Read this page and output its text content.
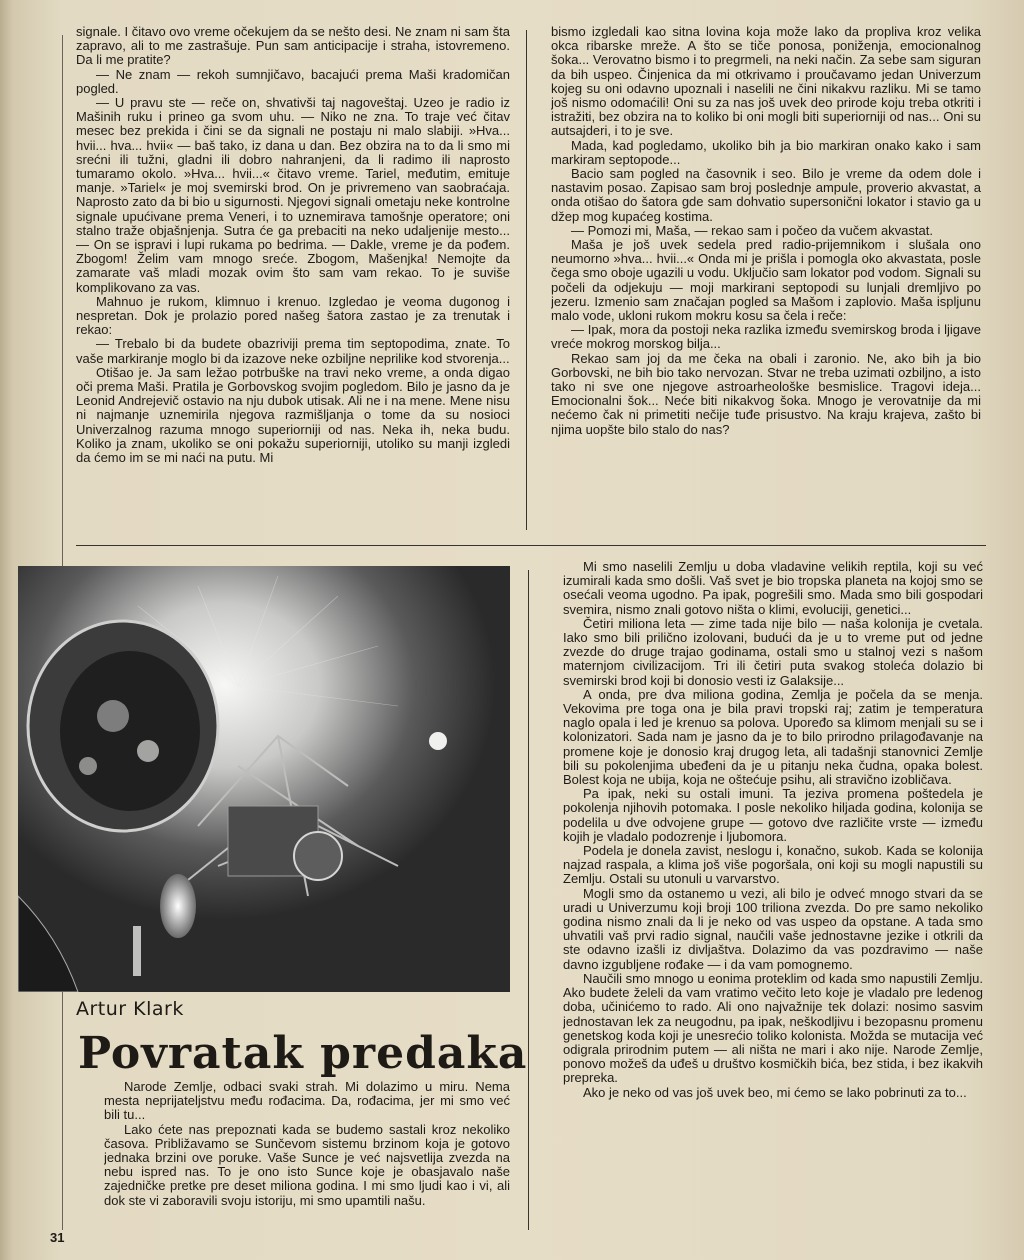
signale. I čitavo ovo vreme očekujem da se nešto desi. Ne znam ni sam šta zapravo, ali to me zastrašuje. Pun sam anticipacije i straha, istovremeno. Da li me pratite?

— Ne znam — rekoh sumnjičavo, bacajući prema Maši kradomičan pogled.

— U pravu ste — reče on, shvativši taj nagoveštaj. Uzeo je radio iz Mašinih ruku i prineo ga svom uhu. — Niko ne zna. To traje već čitav mesec bez prekida i čini se da signali ne postaju ni malo slabiji. »Hva... hvii... hva... hvii« — baš tako, iz dana u dan. Bez obzira na to da li smo mi srećni ili tužni, gladni ili dobro nahranjeni, da li radimo ili naprosto tumaramo okolo. »Hva... hvii...« čitavo vreme. Tariel, međutim, emituje manje. »Tariel« je moj svemirski brod. On je privremeno van saobraćaja. Naprosto zato da bi bio u sigurnosti. Njegovi signali ometaju neke kontrolne signale upućivane prema Veneri, i to uznemirava tamošnje operatore; oni stalno traže objašnjenja. Sutra će ga prebaciti na neko udaljenije mesto... — On se ispravi i lupi rukama po bedrima. — Dakle, vreme je da pođem. Zbogom! Želim vam mnogo sreće. Zbogom, Mašenjka! Nemojte da zamarate vaš mladi mozak ovim što sam vam rekao. To je suviše komplikovano za vas.

Mahnuo je rukom, klimnuo i krenuo. Izgledao je veoma dugonog i nespretan. Dok je prolazio pored našeg šatora zastao je za trenutak i rekao:

— Trebalo bi da budete obazriviji prema tim septopodima, znate. To vaše markiranje moglo bi da izazove neke ozbiljne neprilike kod stvorenja...

Otišao je. Ja sam ležao potrbuške na travi neko vreme, a onda digao oči prema Maši. Pratila je Gorbovskog svojim pogledom. Bilo je jasno da je Leonid Andrejevič ostavio na nju dubok utisak. Ali ne i na mene. Mene nisu ni najmanje uznemirila njegova razmišljanja o tome da su nosioci Univerzalnog razuma mnogo superiorniji od nas. Neka ih, neka budu. Koliko ja znam, ukoliko se oni pokažu superiorniji, utoliko su manji izgledi da ćemo im se mi naći na putu. Mi

bismo izgledali kao sitna lovina koja može lako da propliva kroz velika okca ribarske mreže. A što se tiče ponosa, poniženja, emocionalnog šoka... Verovatno bismo i to pregrmeli, na neki način. Za sebe sam siguran da bih uspeo. Činjenica da mi otkrivamo i proučavamo jedan Univerzum kojeg su oni odavno upoznali i naselili ne čini nikakvu razliku. Mi se tamo još nismo odomaćili! Oni su za nas još uvek deo prirode koju treba otkriti i istražiti, bez obzira na to koliko bi oni mogli biti superiorniji od nas... Oni su autsajderi, i to je sve.

Mada, kad pogledamo, ukoliko bih ja bio markiran onako kako i sam markiram septopode...

Bacio sam pogled na časovnik i seo. Bilo je vreme da odem dole i nastavim posao. Zapisao sam broj poslednje ampule, proverio akvastat, a onda otišao do šatora gde sam dohvatio supersonični lokator i stavio ga u džep mog kupaćeg kostima.

— Pomozi mi, Maša, — rekao sam i počeo da vučem akvastat.

Maša je još uvek sedela pred radio-prijemnikom i slušala ono neumorno »hva... hvii...« Onda mi je prišla i pomogla oko akvastata, posle čega smo oboje ugazili u vodu. Uključio sam lokator pod vodom. Signali su počeli da odjekuju — moji markirani septopodi su lunjali dremljivo po jezeru. Izmenio sam značajan pogled sa Mašom i zaplovio. Maša ispljunu malo vode, ukloni rukom mokru kosu sa čela i reče:

— Ipak, mora da postoji neka razlika između svemirskog broda i ljigave vreće mokrog morskog bilja...

Rekao sam joj da me čeka na obali i zaronio. Ne, ako bih ja bio Gorbovski, ne bih bio tako nervozan. Stvar ne treba uzimati ozbiljno, a isto tako ni sve one njegove astroarheološke besmislice. Tragovi ideja... Emocionalni šok... Neće biti nikakvog šoka. Mnogo je verovatnije da mi nećemo čak ni primetiti nečije tuđe prisustvo. Na kraju krajeva, zašto bi njima uopšte bilo stalo do nas?

Artur Klark
Povratak predaka

Narode Zemlje, odbaci svaki strah. Mi dolazimo u miru. Nema mesta neprijateljstvu među rođacima. Da, rođacima, jer mi smo već bili tu...

Lako ćete nas prepoznati kada se budemo sastali kroz nekoliko časova. Približavamo se Sunčevom sistemu brzinom koja je gotovo jednaka brzini ove poruke. Vaše Sunce je već najsvetlija zvezda na nebu ispred nas. To je ono isto Sunce koje je obasjavalo naše zajedničke pretke pre deset miliona godina. I mi smo ljudi kao i vi, ali dok ste vi zaboravili svoju istoriju, mi smo upamtili našu.

Mi smo naselili Zemlju u doba vladavine velikih reptila, koji su već izumirali kada smo došli. Vaš svet je bio tropska planeta na kojoj smo se osećali veoma ugodno. Pa ipak, pogrešili smo. Mada smo bili gospodari svemira, nismo znali gotovo ništa o klimi, evoluciji, genetici...

Četiri miliona leta — zime tada nije bilo — naša kolonija je cvetala. Iako smo bili prilično izolovani, budući da je u to vreme put od jedne zvezde do druge trajao godinama, ostali smo u stalnoj vezi s našom maternjom civilizacijom. Tri ili četiri puta svakog stoleća dolazio bi svemirski brod koji bi donosio vesti iz Galaksije...

A onda, pre dva miliona godina, Zemlja je počela da se menja. Vekovima pre toga ona je bila pravi tropski raj; zatim je temperatura naglo opala i led je krenuo sa polova. Upoređo sa klimom menjali su se i kolonizatori. Sada nam je jasno da je to bilo prirodno prilagođavanje na promene koje je donosio kraj drugog leta, ali tadašnji stanovnici Zemlje bili su pokolenjima ubeđeni da je u pitanju neka čudna, opaka bolest. Bolest koja ne ubija, koja ne oštećuje psihu, ali stravično izobličava.

Pa ipak, neki su ostali imuni. Ta jeziva promena poštedela je pokolenja njihovih potomaka. I posle nekoliko hiljada godina, kolonija se podelila u dve odvojene grupe — gotovo dve različite vrste — između kojih je vladalo podozrenje i ljubomora.

Podela je donela zavist, neslogu i, konačno, sukob. Kada se kolonija najzad raspala, a klima još više pogoršala, oni koji su mogli napustili su Zemlju. Ostali su utonuli u varvarstvo.

Mogli smo da ostanemo u vezi, ali bilo je odveć mnogo stvari da se uradi u Univerzumu koji broji 100 triliona zvezda. Do pre samo nekoliko godina nismo znali da li je neko od vas uspeo da opstane. A tada smo uhvatili vaš prvi radio signal, naučili vaše jednostavne jezike i otkrili da ste odavno izašli iz divljaštva. Dolazimo da vas pozdravimo — naše davno izgubljene rođake — i da vam pomognemo.

Naučili smo mnogo u eonima proteklim od kada smo napustili Zemlju. Ako budete želeli da vam vratimo večito leto koje je vladalo pre ledenog doba, učinićemo to rado. Ali ono najvažnije tek dolazi: nosimo sasvim jednostavan lek za neugodnu, pa ipak, neškodljivu i bezopasnu promenu genetskog koda koji je unesrećio toliko kolonista. Možda se mutacija već odigrala prirodnim putem — ali ništa ne mari i ako nije. Narode Zemlje, ponovo možeš da uđeš u društvo kosmičkih bića, bez stida, i bez ikakvih prepreka.

Ako je neko od vas još uvek beo, mi ćemo se lako pobrinuti za to...

31
